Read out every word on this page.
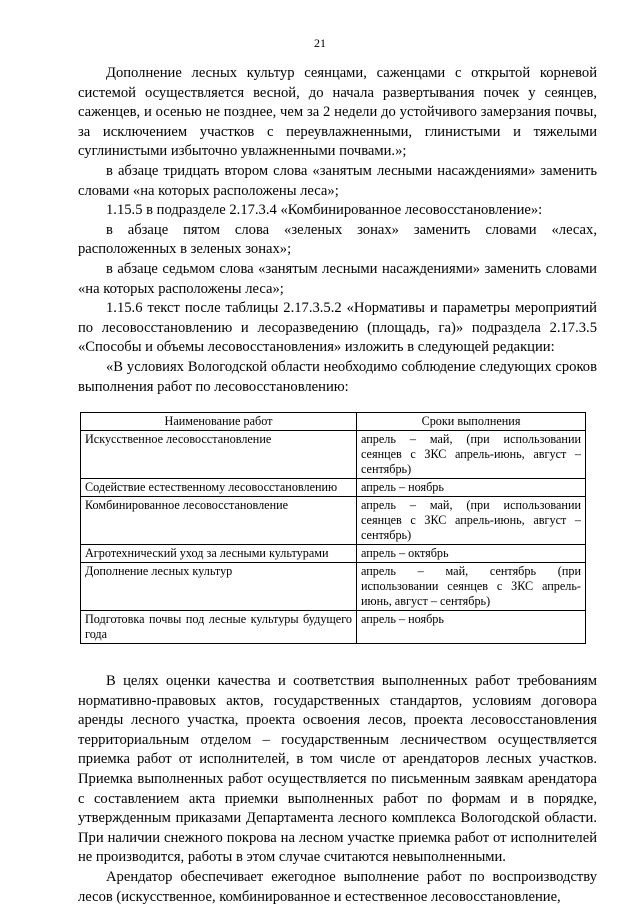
21

Дополнение лесных культур сеянцами, саженцами с открытой корневой системой осуществляется весной, до начала развертывания почек у сеянцев, саженцев, и осенью не позднее, чем за 2 недели до устойчивого замерзания почвы, за исключением участков с переувлажненными, глинистыми и тяжелыми суглинистыми избыточно увлажненными почвами.»;

в абзаце тридцать втором слова «занятым лесными насаждениями» заменить словами «на которых расположены леса»;

1.15.5 в подразделе 2.17.3.4 «Комбинированное лесовосстановление»:

в абзаце пятом слова «зеленых зонах» заменить словами «лесах, расположенных в зеленых зонах»;

в абзаце седьмом слова «занятым лесными насаждениями» заменить словами «на которых расположены леса»;

1.15.6 текст после таблицы 2.17.3.5.2 «Нормативы и параметры мероприятий по лесовосстановлению и лесоразведению (площадь, га)» подраздела 2.17.3.5 «Способы и объемы лесовосстановления» изложить в следующей редакции:

«В условиях Вологодской области необходимо соблюдение следующих сроков выполнения работ по лесовосстановлению:

Наименование работ	Сроки выполнения
Искусственное лесовосстановление	апрель – май, (при использовании сеянцев с ЗКС апрель-июнь, август – сентябрь)
Содействие естественному лесовосстановлению	апрель – ноябрь
Комбинированное лесовосстановление	апрель – май, (при использовании сеянцев с ЗКС апрель-июнь, август – сентябрь)
Агротехнический уход за лесными культурами	апрель – октябрь
Дополнение лесных культур	апрель – май, сентябрь (при использовании сеянцев с ЗКС апрель-июнь, август – сентябрь)
Подготовка почвы под лесные культуры будущего года	апрель – ноябрь

В целях оценки качества и соответствия выполненных работ требованиям нормативно-правовых актов, государственных стандартов, условиям договора аренды лесного участка, проекта освоения лесов, проекта лесовосстановления территориальным отделом – государственным лесничеством осуществляется приемка работ от исполнителей, в том числе от арендаторов лесных участков. Приемка выполненных работ осуществляется по письменным заявкам арендатора с составлением акта приемки выполненных работ по формам и в порядке, утвержденным приказами Департамента лесного комплекса Вологодской области. При наличии снежного покрова на лесном участке приемка работ от исполнителей не производится, работы в этом случае считаются невыполненными.

Арендатор обеспечивает ежегодное выполнение работ по воспроизводству лесов (искусственное, комбинированное и естественное лесовосстановление,
